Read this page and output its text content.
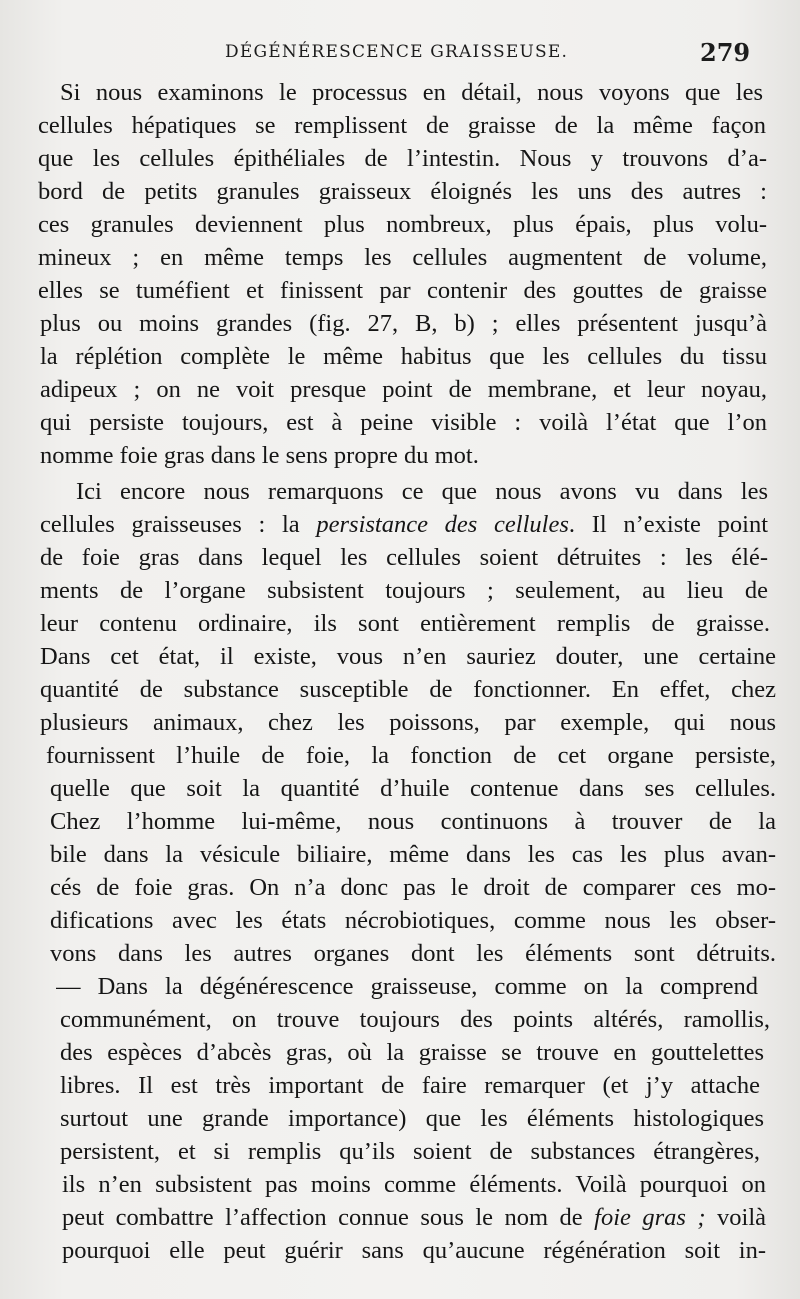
DÉGÉNÉRESCENCE GRAISSEUSE.	279
Si nous examinons le processus en détail, nous voyons que les
cellules hépatiques se remplissent de graisse de la même façon
que les cellules épithéliales de l’intestin. Nous y trouvons d’a-
bord de petits granules graisseux éloignés les uns des autres :
ces granules deviennent plus nombreux, plus épais, plus volu-
mineux ; en même temps les cellules augmentent de volume,
elles se tuméfient et finissent par contenir des gouttes de graisse
plus ou moins grandes (fig. 27, B, b) ; elles présentent jusqu’à
la réplétion complète le même habitus que les cellules du tissu
adipeux ; on ne voit presque point de membrane, et leur noyau,
qui persiste toujours, est à peine visible : voilà l’état que l’on
nomme foie gras dans le sens propre du mot.
Ici encore nous remarquons ce que nous avons vu dans les
cellules graisseuses : la persistance des cellules. Il n’existe point
de foie gras dans lequel les cellules soient détruites : les élé-
ments de l’organe subsistent toujours ; seulement, au lieu de
leur contenu ordinaire, ils sont entièrement remplis de graisse.
Dans cet état, il existe, vous n’en sauriez douter, une certaine
quantité de substance susceptible de fonctionner. En effet, chez
plusieurs animaux, chez les poissons, par exemple, qui nous
fournissent l’huile de foie, la fonction de cet organe persiste,
quelle que soit la quantité d’huile contenue dans ses cellules.
Chez l’homme lui-même, nous continuons à trouver de la
bile dans la vésicule biliaire, même dans les cas les plus avan-
cés de foie gras. On n’a donc pas le droit de comparer ces mo-
difications avec les états nécrobiotiques, comme nous les obser-
vons dans les autres organes dont les éléments sont détruits.
— Dans la dégénérescence graisseuse, comme on la comprend
communément, on trouve toujours des points altérés, ramollis,
des espèces d’abcès gras, où la graisse se trouve en gouttelettes
libres. Il est très important de faire remarquer (et j’y attache
surtout une grande importance) que les éléments histologiques
persistent, et si remplis qu’ils soient de substances étrangères,
ils n’en subsistent pas moins comme éléments. Voilà pourquoi on
peut combattre l’affection connue sous le nom de foie gras ; voilà
pourquoi elle peut guérir sans qu’aucune régénération soit in-
